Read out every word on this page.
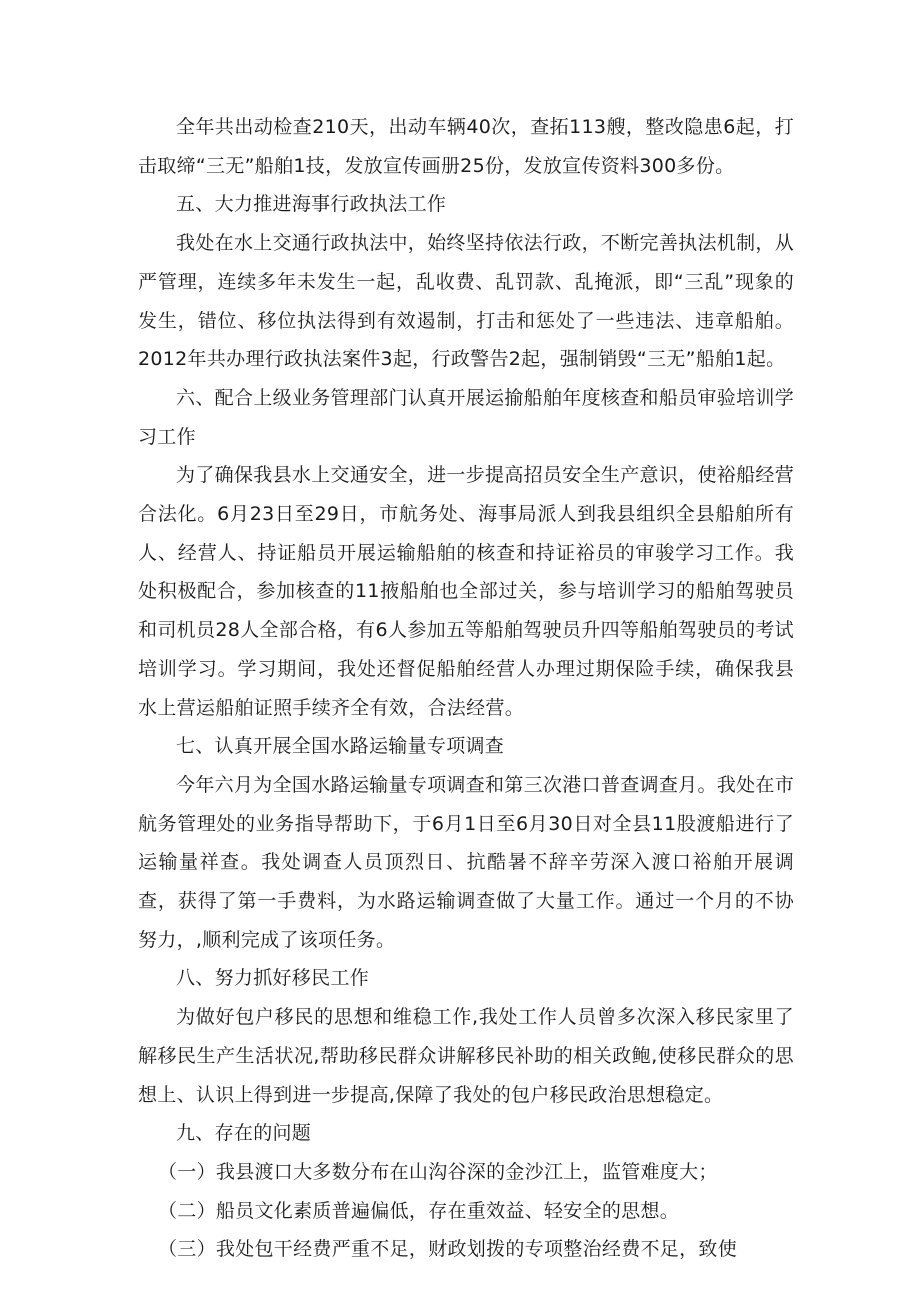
全年共出动检查210天，出动车辆40次，查拓113艘，整改隐患6起，打击取缔“三无”船舶1技，发放宣传画册25份，发放宣传资料300多份。

五、大力推进海事行政执法工作

我处在水上交通行政执法中，始终坚持依法行政，不断完善执法机制，从严管理，连续多年未发生一起，乱收费、乱罚款、乱掩派，即“三乱”现象的发生，错位、移位执法得到有效遏制，打击和惩处了一些违法、违章船舶。2012年共办理行政执法案件3起，行政警告2起，强制销毁“三无”船舶1起。

六、配合上级业务管理部门认真开展运揄船舶年度核查和船员审验培训学习工作

为了确保我县水上交通安全，进一步提高招员安全生产意识，使裕船经营合法化。6月23日至29日，市航务处、海事局派人到我县组织全县船舶所有人、经营人、持证船员开展运输船舶的核查和持证裕员的审骏学习工作。我处积极配合，参加核查的11掖船舶也全部过关，参与培训学习的船舶驾驶员和司机员28人全部合格，有6人参加五等船舶驾驶员升四等船舶驾驶员的考试培训学习。学习期间，我处还督促船舶经营人办理过期保险手续，确保我县水上营运船舶证照手续齐全有效，合法经营。

七、认真开展全国水路运输量专项调查

今年六月为全国水路运输量专项调查和第三次港口普查调查月。我处在市航务管理处的业务指导帮助下，于6月1日至6月30日对全县11股渡船进行了运输量祥查。我处调查人员顶烈日、抗酷暑不辞辛劳深入渡口裕舶开展调查，获得了第一手费料，为水路运输调查做了大量工作。通过一个月的不协努力，,顺利完成了该项任务。

八、努力抓好移民工作

为做好包户移民的思想和维稳工作,我处工作人员曾多次深入移民家里了解移民生产生活状况,帮助移民群众讲解移民补助的相关政鲍,使移民群众的思想上、认识上得到进一步提高,保障了我处的包户移民政治思想稳定。

九、存在的问题

（一）我县渡口大多数分布在山沟谷深的金沙江上，监管难度大；

（二）船员文化素质普遍偏低，存在重效益、轻安全的思想。

（三）我处包干经费严重不足，财政划拨的专项整治经费不足，致使
